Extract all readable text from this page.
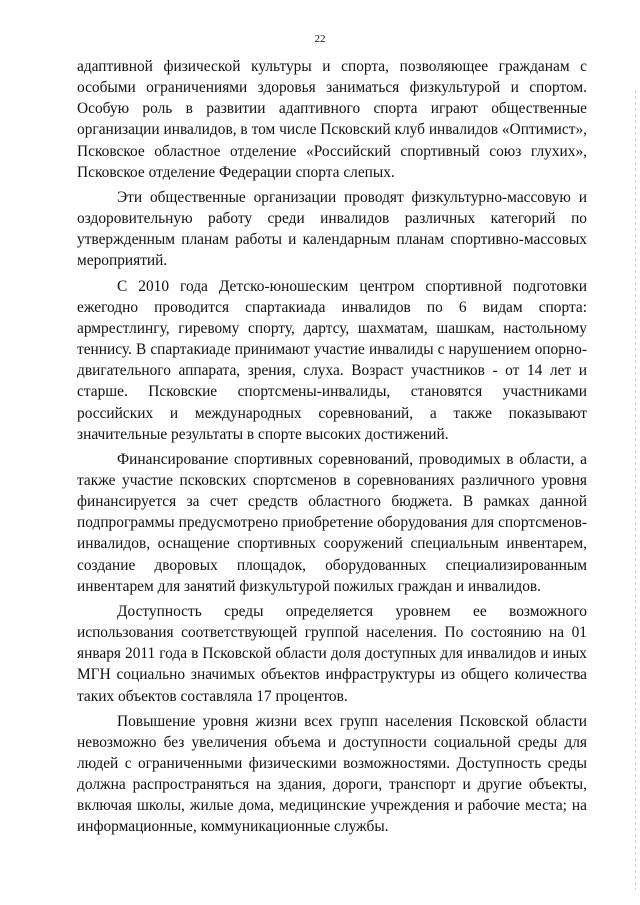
22

адаптивной физической культуры и спорта, позволяющее гражданам с особыми ограничениями здоровья заниматься физкультурой и спортом. Особую роль в развитии адаптивного спорта играют общественные организации инвалидов, в том числе Псковский клуб инвалидов «Оптимист», Псковское областное отделение «Российский спортивный союз глухих», Псковское отделение Федерации спорта слепых.

Эти общественные организации проводят физкультурно-массовую и оздоровительную работу среди инвалидов различных категорий по утвержденным планам работы и календарным планам спортивно-массовых мероприятий.

С 2010 года Детско-юношеским центром спортивной подготовки ежегодно проводится спартакиада инвалидов по 6 видам спорта: армрестлингу, гиревому спорту, дартсу, шахматам, шашкам, настольному теннису. В спартакиаде принимают участие инвалиды с нарушением опорно-двигательного аппарата, зрения, слуха. Возраст участников - от 14 лет и старше. Псковские спортсмены-инвалиды, становятся участниками российских и международных соревнований, а также показывают значительные результаты в спорте высоких достижений.

Финансирование спортивных соревнований, проводимых в области, а также участие псковских спортсменов в соревнованиях различного уровня финансируется за счет средств областного бюджета. В рамках данной подпрограммы предусмотрено приобретение оборудования для спортсменов-инвалидов, оснащение спортивных сооружений специальным инвентарем, создание дворовых площадок, оборудованных специализированным инвентарем для занятий физкультурой пожилых граждан и инвалидов.

Доступность среды определяется уровнем ее возможного использования соответствующей группой населения. По состоянию на 01 января 2011 года в Псковской области доля доступных для инвалидов и иных МГН социально значимых объектов инфраструктуры из общего количества таких объектов составляла 17 процентов.

Повышение уровня жизни всех групп населения Псковской области невозможно без увеличения объема и доступности социальной среды для людей с ограниченными физическими возможностями. Доступность среды должна распространяться на здания, дороги, транспорт и другие объекты, включая школы, жилые дома, медицинские учреждения и рабочие места; на информационные, коммуникационные службы.
